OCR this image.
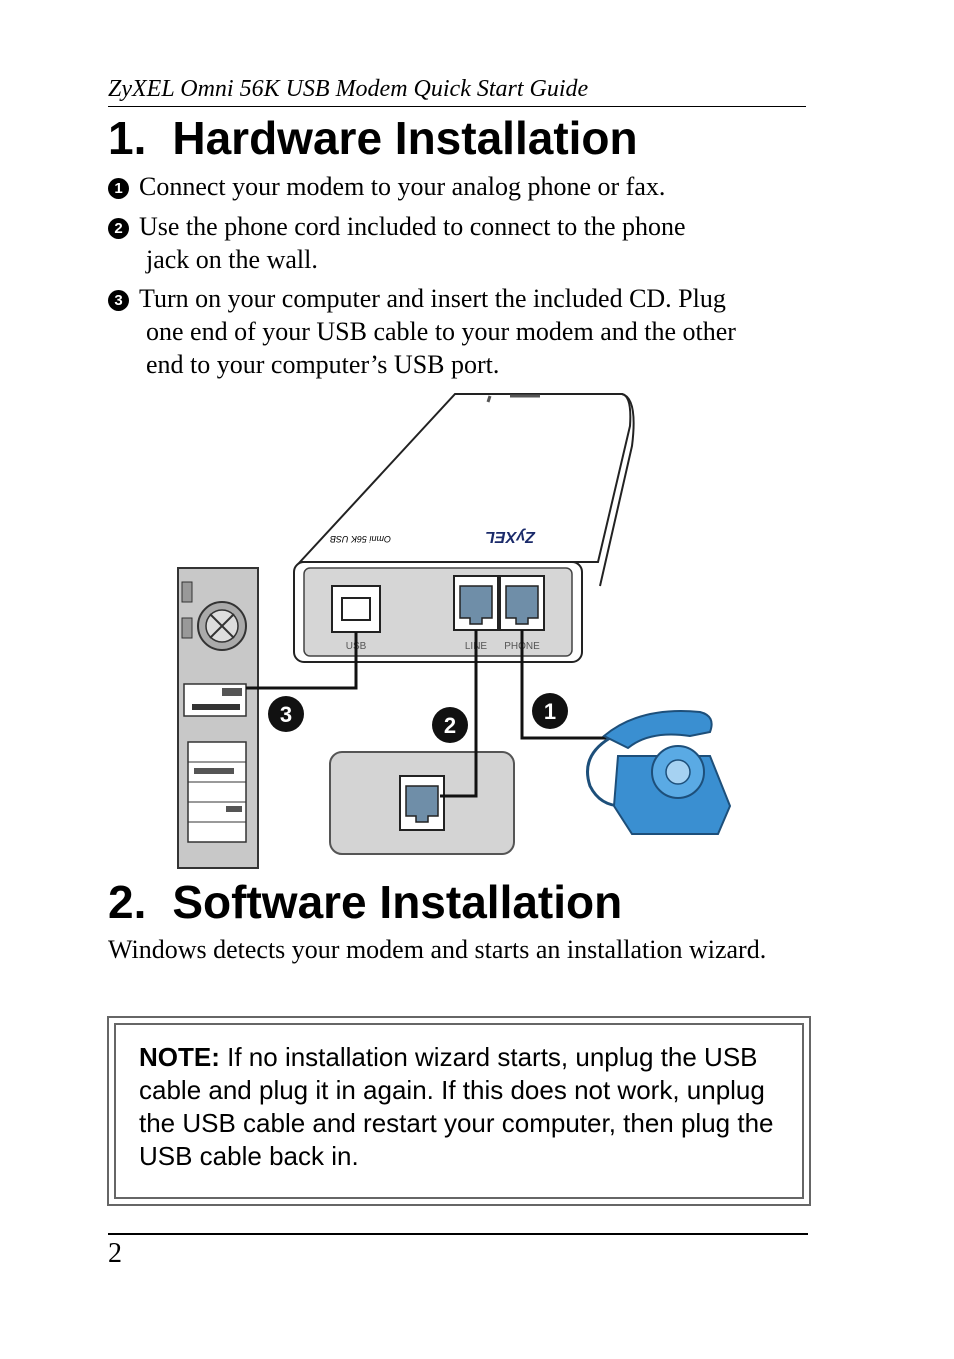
ZyXEL Omni 56K USB Modem Quick Start Guide
1. Hardware Installation
1 Connect your modem to your analog phone or fax.
2 Use the phone cord included to connect to the phone
jack on the wall.
3 Turn on your computer and insert the included CD. Plug
one end of your USB cable to your modem and the other end to your computer’s USB port.
Omni 56K USB	ZyXEL
USB	LINE PHONE
1
2
3
2. Software Installation
Windows detects your modem and starts an installation wizard.
NOTE: If no installation wizard starts, unplug the USB cable and plug it in again. If this does not work, unplug the USB cable and restart your computer, then plug the USB cable back in.
2
